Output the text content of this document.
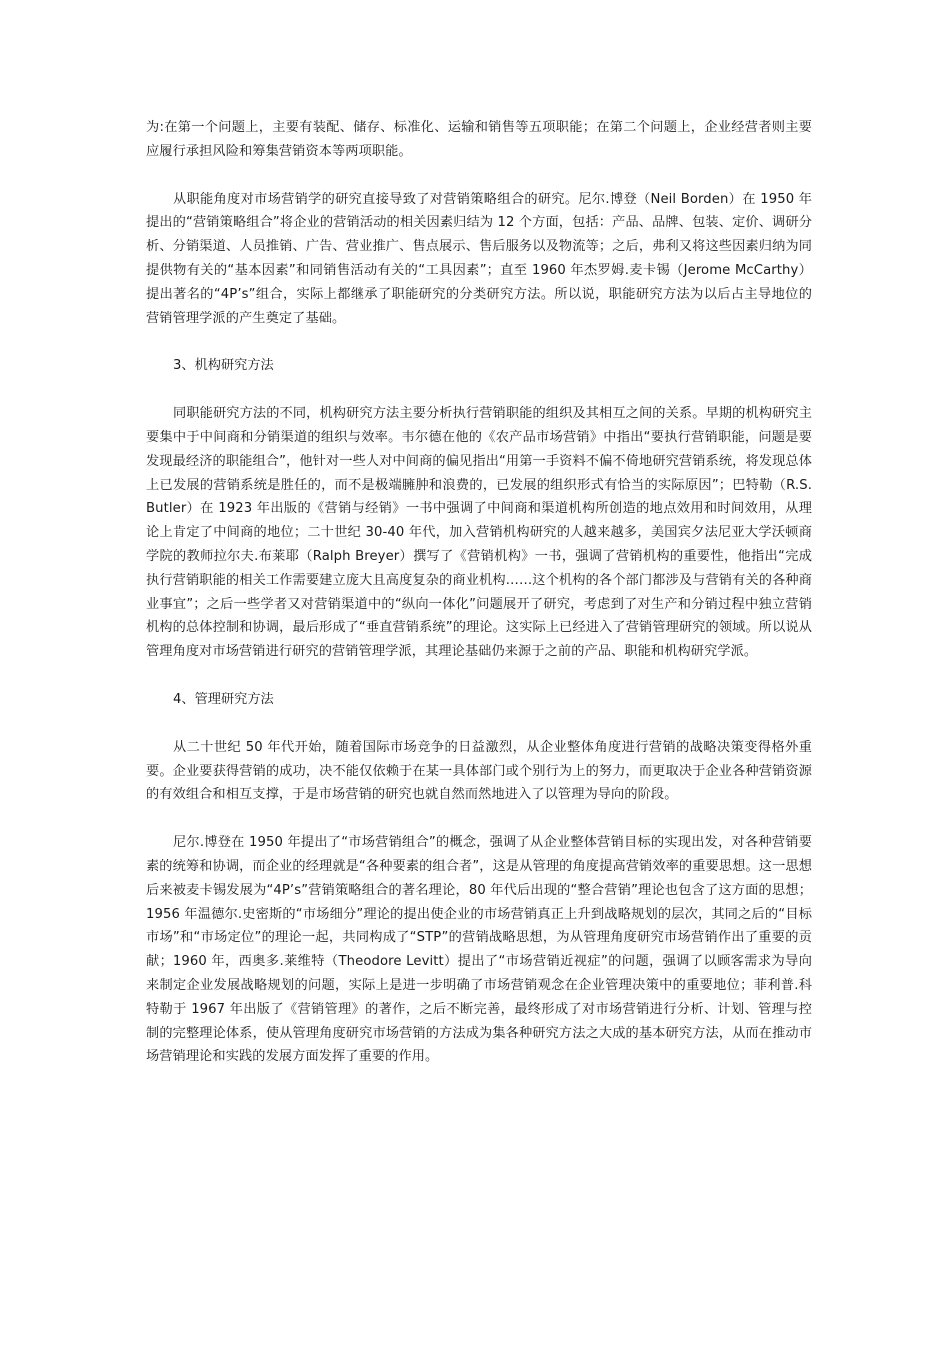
为:在第一个问题上，主要有装配、储存、标准化、运输和销售等五项职能；在第二个问题上，企业经营者则主要应履行承担风险和筹集营销资本等两项职能。

从职能角度对市场营销学的研究直接导致了对营销策略组合的研究。尼尔.博登（Neil Borden）在 1950 年提出的“营销策略组合”将企业的营销活动的相关因素归结为 12 个方面，包括：产品、品牌、包装、定价、调研分析、分销渠道、人员推销、广告、营业推广、售点展示、售后服务以及物流等；之后，弗利又将这些因素归纳为同提供物有关的“基本因素”和同销售活动有关的“工具因素”；直至 1960 年杰罗姆.麦卡锡（Jerome McCarthy）提出著名的“4P’s”组合，实际上都继承了职能研究的分类研究方法。所以说，职能研究方法为以后占主导地位的营销管理学派的产生奠定了基础。

3、机构研究方法

同职能研究方法的不同，机构研究方法主要分析执行营销职能的组织及其相互之间的关系。早期的机构研究主要集中于中间商和分销渠道的组织与效率。韦尔德在他的《农产品市场营销》中指出“要执行营销职能，问题是要发现最经济的职能组合”，他针对一些人对中间商的偏见指出“用第一手资料不偏不倚地研究营销系统，将发现总体上已发展的营销系统是胜任的，而不是极端臃肿和浪费的，已发展的组织形式有恰当的实际原因”；巴特勒（R.S.Butler）在 1923 年出版的《营销与经销》一书中强调了中间商和渠道机构所创造的地点效用和时间效用，从理论上肯定了中间商的地位；二十世纪 30-40 年代，加入营销机构研究的人越来越多，美国宾夕法尼亚大学沃顿商学院的教师拉尔夫.布莱耶（Ralph Breyer）撰写了《营销机构》一书，强调了营销机构的重要性，他指出“完成执行营销职能的相关工作需要建立庞大且高度复杂的商业机构……这个机构的各个部门都涉及与营销有关的各种商业事宜”；之后一些学者又对营销渠道中的“纵向一体化”问题展开了研究，考虑到了对生产和分销过程中独立营销机构的总体控制和协调，最后形成了“垂直营销系统”的理论。这实际上已经进入了营销管理研究的领域。所以说从管理角度对市场营销进行研究的营销管理学派，其理论基础仍来源于之前的产品、职能和机构研究学派。

4、管理研究方法

从二十世纪 50 年代开始，随着国际市场竞争的日益激烈，从企业整体角度进行营销的战略决策变得格外重要。企业要获得营销的成功，决不能仅依赖于在某一具体部门或个别行为上的努力，而更取决于企业各种营销资源的有效组合和相互支撑，于是市场营销的研究也就自然而然地进入了以管理为导向的阶段。

尼尔.博登在 1950 年提出了“市场营销组合”的概念，强调了从企业整体营销目标的实现出发，对各种营销要素的统筹和协调，而企业的经理就是“各种要素的组合者”，这是从管理的角度提高营销效率的重要思想。这一思想后来被麦卡锡发展为“4P’s”营销策略组合的著名理论，80 年代后出现的“整合营销”理论也包含了这方面的思想；1956 年温德尔.史密斯的“市场细分”理论的提出使企业的市场营销真正上升到战略规划的层次，其同之后的“目标市场”和“市场定位”的理论一起，共同构成了“STP”的营销战略思想，为从管理角度研究市场营销作出了重要的贡献；1960 年，西奥多.莱维特（Theodore Levitt）提出了“市场营销近视症”的问题，强调了以顾客需求为导向来制定企业发展战略规划的问题，实际上是进一步明确了市场营销观念在企业管理决策中的重要地位；菲利普.科特勒于 1967 年出版了《营销管理》的著作，之后不断完善，最终形成了对市场营销进行分析、计划、管理与控制的完整理论体系，使从管理角度研究市场营销的方法成为集各种研究方法之大成的基本研究方法，从而在推动市场营销理论和实践的发展方面发挥了重要的作用。
